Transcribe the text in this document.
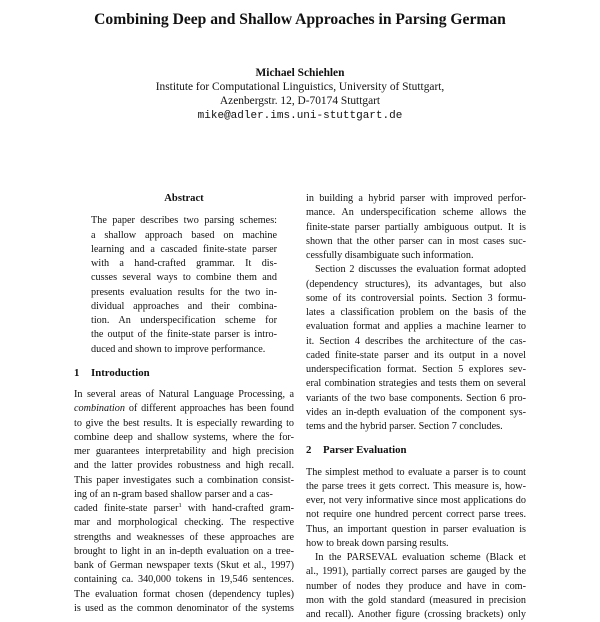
Combining Deep and Shallow Approaches in Parsing German
Michael Schiehlen
Institute for Computational Linguistics, University of Stuttgart,
Azenbergstr. 12, D-70174 Stuttgart
mike@adler.ims.uni-stuttgart.de
Abstract
The paper describes two parsing schemes:
a shallow approach based on machine
learning and a cascaded finite-state parser
with a hand-crafted grammar. It dis-
cusses several ways to combine them and
presents evaluation results for the two in-
dividual approaches and their combina-
tion. An underspecification scheme for
the output of the finite-state parser is intro-
duced and shown to improve performance.
1 Introduction
In several areas of Natural Language Processing, a
combination of different approaches has been found
to give the best results. It is especially rewarding to
combine deep and shallow systems, where the for-
mer guarantees interpretability and high precision
and the latter provides robustness and high recall.
This paper investigates such a combination consist-
ing of an n-gram based shallow parser and a cas-
caded finite-state parser$^1$ with hand-crafted gram-
mar and morphological checking. The respective
strengths and weaknesses of these approaches are
brought to light in an in-depth evaluation on a tree-
bank of German newspaper texts (Skut et al., 1997)
containing ca. 340,000 tokens in 19,546 sentences.
The evaluation format chosen (dependency tuples)
is used as the common denominator of the systems
in building a hybrid parser with improved perfor-
mance. An underspecification scheme allows the
finite-state parser partially ambiguous output. It is
shown that the other parser can in most cases suc-
cessfully disambiguate such information.
Section 2 discusses the evaluation format adopted
(dependency structures), its advantages, but also
some of its controversial points. Section 3 formu-
lates a classification problem on the basis of the
evaluation format and applies a machine learner to
it. Section 4 describes the architecture of the cas-
caded finite-state parser and its output in a novel
underspecification format. Section 5 explores sev-
eral combination strategies and tests them on several
variants of the two base components. Section 6 pro-
vides an in-depth evaluation of the component sys-
tems and the hybrid parser. Section 7 concludes.
2 Parser Evaluation
The simplest method to evaluate a parser is to count
the parse trees it gets correct. This measure is, how-
ever, not very informative since most applications do
not require one hundred percent correct parse trees.
Thus, an important question in parser evaluation is
how to break down parsing results.
In the PARSEVAL evaluation scheme (Black et
al., 1991), partially correct parses are gauged by the
number of nodes they produce and have in com-
mon with the gold standard (measured in precision
and recall). Another figure (crossing brackets) only
